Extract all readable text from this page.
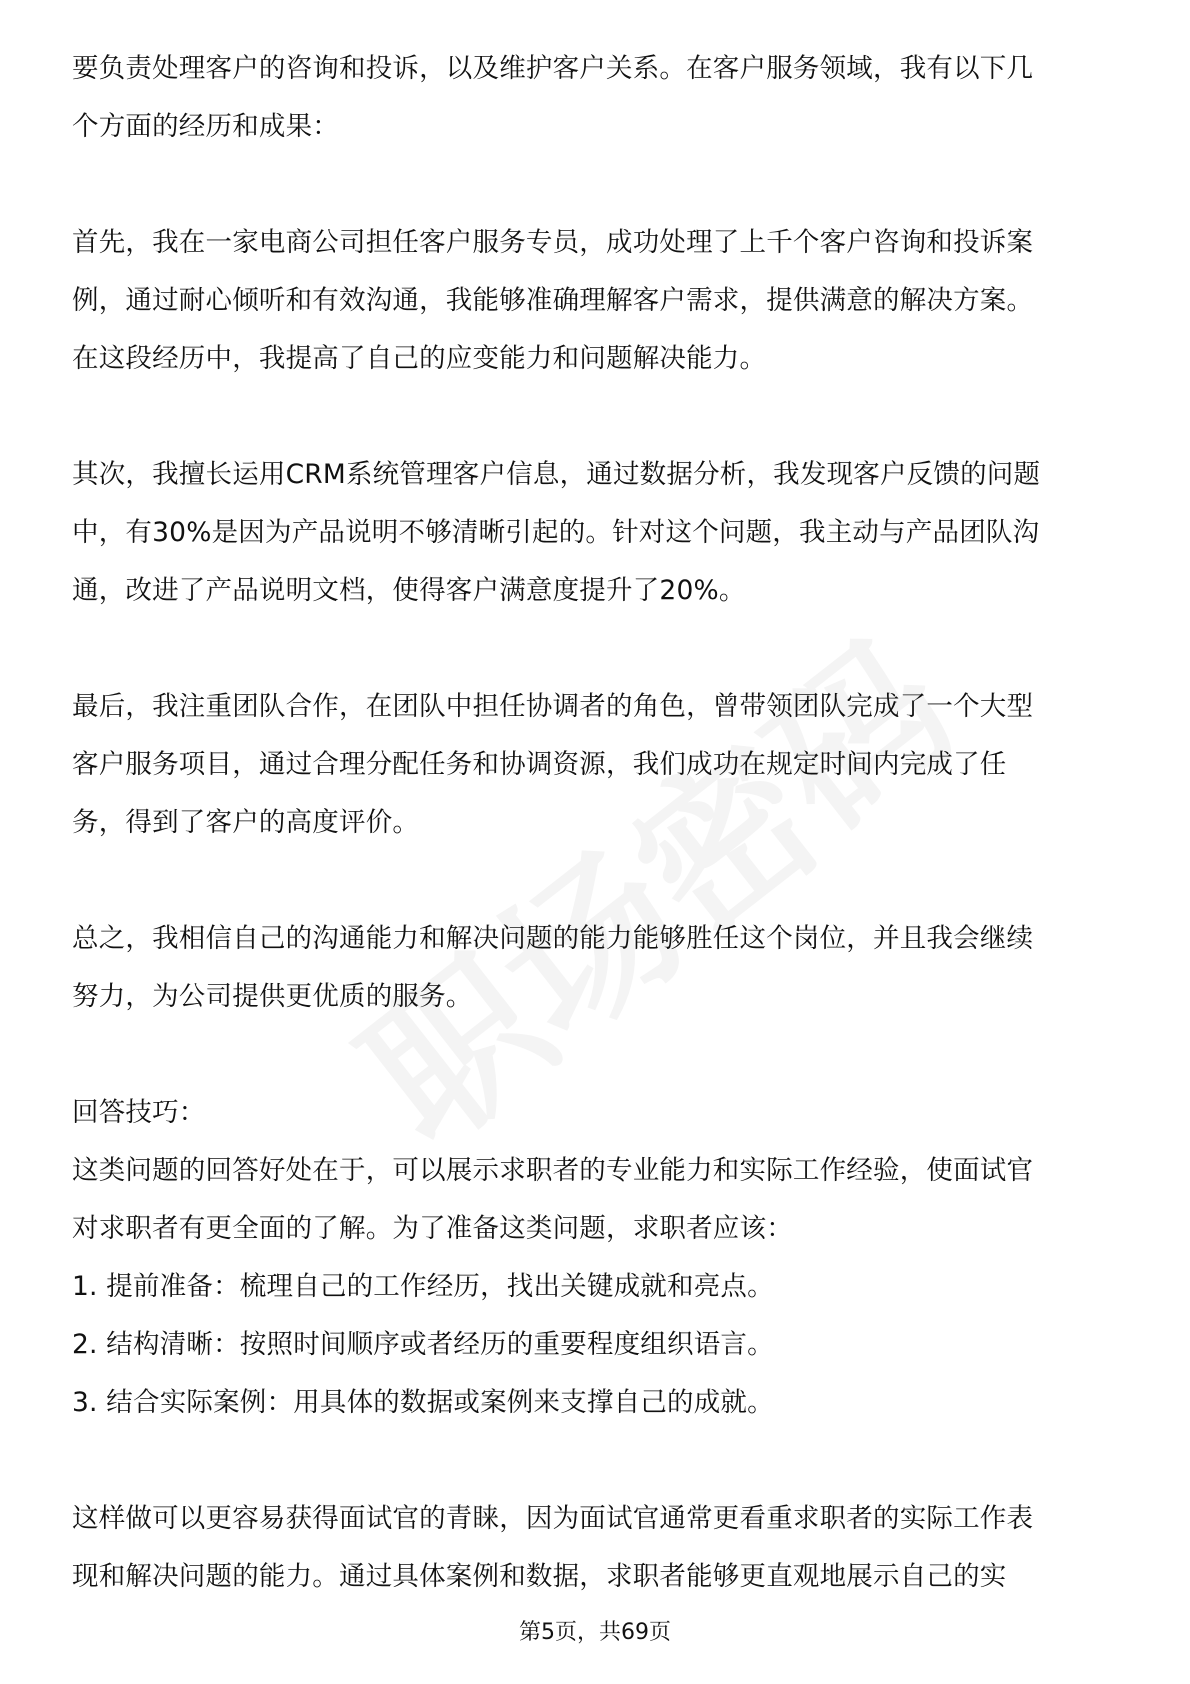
要负责处理客户的咨询和投诉，以及维护客户关系。在客户服务领域，我有以下几
个方面的经历和成果：
首先，我在一家电商公司担任客户服务专员，成功处理了上千个客户咨询和投诉案
例，通过耐心倾听和有效沟通，我能够准确理解客户需求，提供满意的解决方案。
在这段经历中，我提高了自己的应变能力和问题解决能力。
其次，我擅长运用CRM系统管理客户信息，通过数据分析，我发现客户反馈的问题
中，有30%是因为产品说明不够清晰引起的。针对这个问题，我主动与产品团队沟
通，改进了产品说明文档，使得客户满意度提升了20%。
最后，我注重团队合作，在团队中担任协调者的角色，曾带领团队完成了一个大型
客户服务项目，通过合理分配任务和协调资源，我们成功在规定时间内完成了任
务，得到了客户的高度评价。
总之，我相信自己的沟通能力和解决问题的能力能够胜任这个岗位，并且我会继续
努力，为公司提供更优质的服务。
回答技巧：
这类问题的回答好处在于，可以展示求职者的专业能力和实际工作经验，使面试官
对求职者有更全面的了解。为了准备这类问题，求职者应该：
1. 提前准备：梳理自己的工作经历，找出关键成就和亮点。
2. 结构清晰：按照时间顺序或者经历的重要程度组织语言。
3. 结合实际案例：用具体的数据或案例来支撑自己的成就。
这样做可以更容易获得面试官的青睐，因为面试官通常更看重求职者的实际工作表
现和解决问题的能力。通过具体案例和数据，求职者能够更直观地展示自己的实
第5页，共69页
